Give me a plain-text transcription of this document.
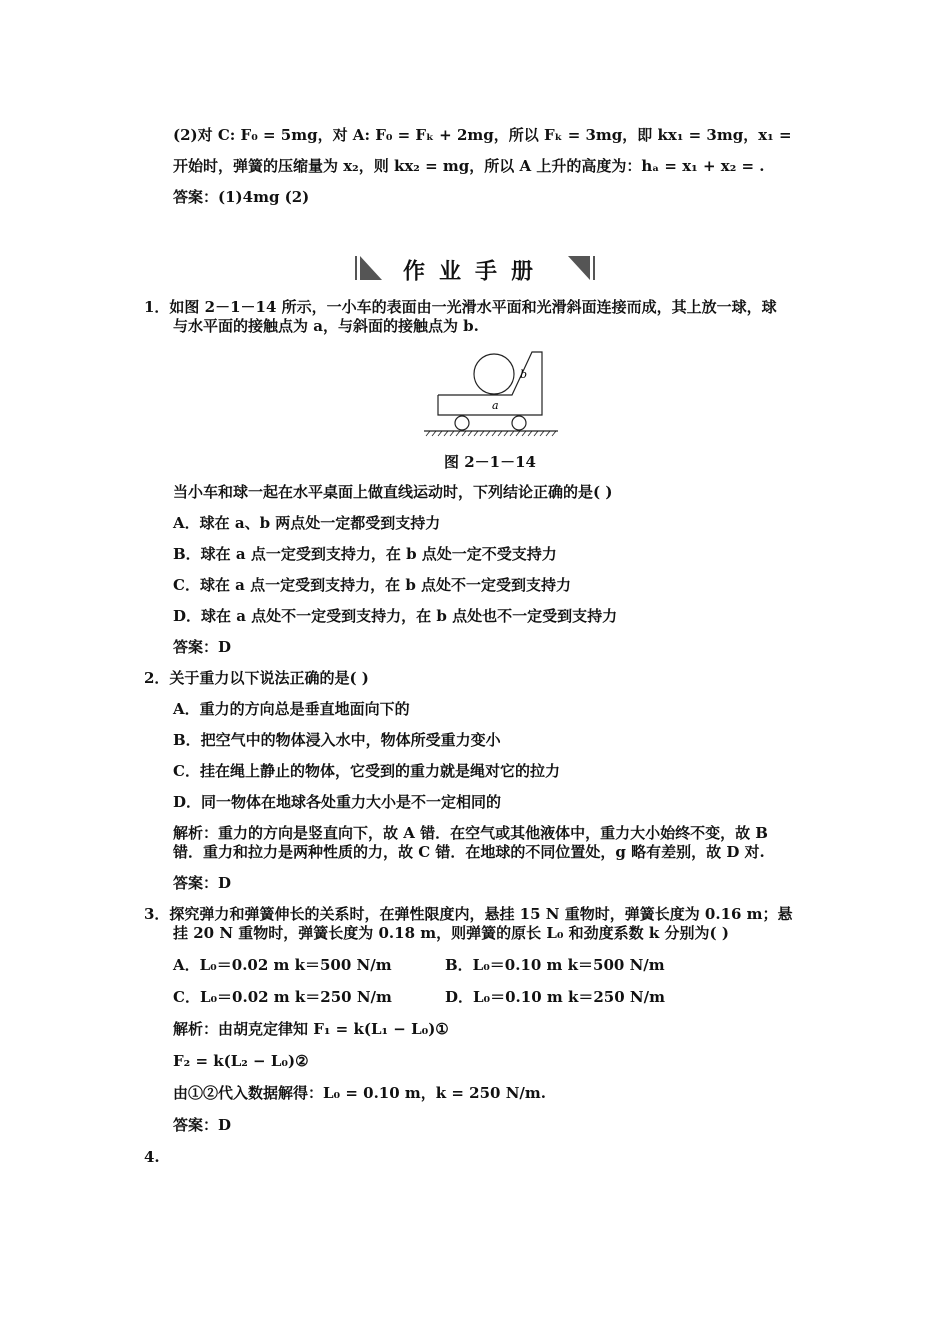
(2)对 C: F₀ = 5mg，对 A: F₀ = Fₖ + 2mg，所以 Fₖ = 3mg，即 kx₁ = 3mg，x₁ =
开始时，弹簧的压缩量为 x₂，则 kx₂ = mg，所以 A 上升的高度为：hₐ = x₁ + x₂ = .
答案：(1)4mg (2)
作业手册
1．如图 2－1－14 所示，一小车的表面由一光滑水平面和光滑斜面连接而成，其上放一球，球
与水平面的接触点为 a，与斜面的接触点为 b.
a
b
图 2－1－14
当小车和球一起在水平桌面上做直线运动时，下列结论正确的是( )
A．球在 a、b 两点处一定都受到支持力
B．球在 a 点一定受到支持力，在 b 点处一定不受支持力
C．球在 a 点一定受到支持力，在 b 点处不一定受到支持力
D．球在 a 点处不一定受到支持力，在 b 点处也不一定受到支持力
答案：D
2．关于重力以下说法正确的是( )
A．重力的方向总是垂直地面向下的
B．把空气中的物体浸入水中，物体所受重力变小
C．挂在绳上静止的物体，它受到的重力就是绳对它的拉力
D．同一物体在地球各处重力大小是不一定相同的
解析：重力的方向是竖直向下，故 A 错．在空气或其他液体中，重力大小始终不变，故 B
错．重力和拉力是两种性质的力，故 C 错．在地球的不同位置处，g 略有差别，故 D 对.
答案：D
3．探究弹力和弹簧伸长的关系时，在弹性限度内，悬挂 15 N 重物时，弹簧长度为 0.16 m；悬
挂 20 N 重物时，弹簧长度为 0.18 m，则弹簧的原长 L₀ 和劲度系数 k 分别为( )
A．L₀＝0.02 m k＝500 N/m	B．L₀＝0.10 m k＝500 N/m
C．L₀＝0.02 m k＝250 N/m	D．L₀＝0.10 m k＝250 N/m
解析：由胡克定律知 F₁ = k(L₁ − L₀)①
F₂ = k(L₂ − L₀)②
由①②代入数据解得：L₀ = 0.10 m，k = 250 N/m.
答案：D
4.
